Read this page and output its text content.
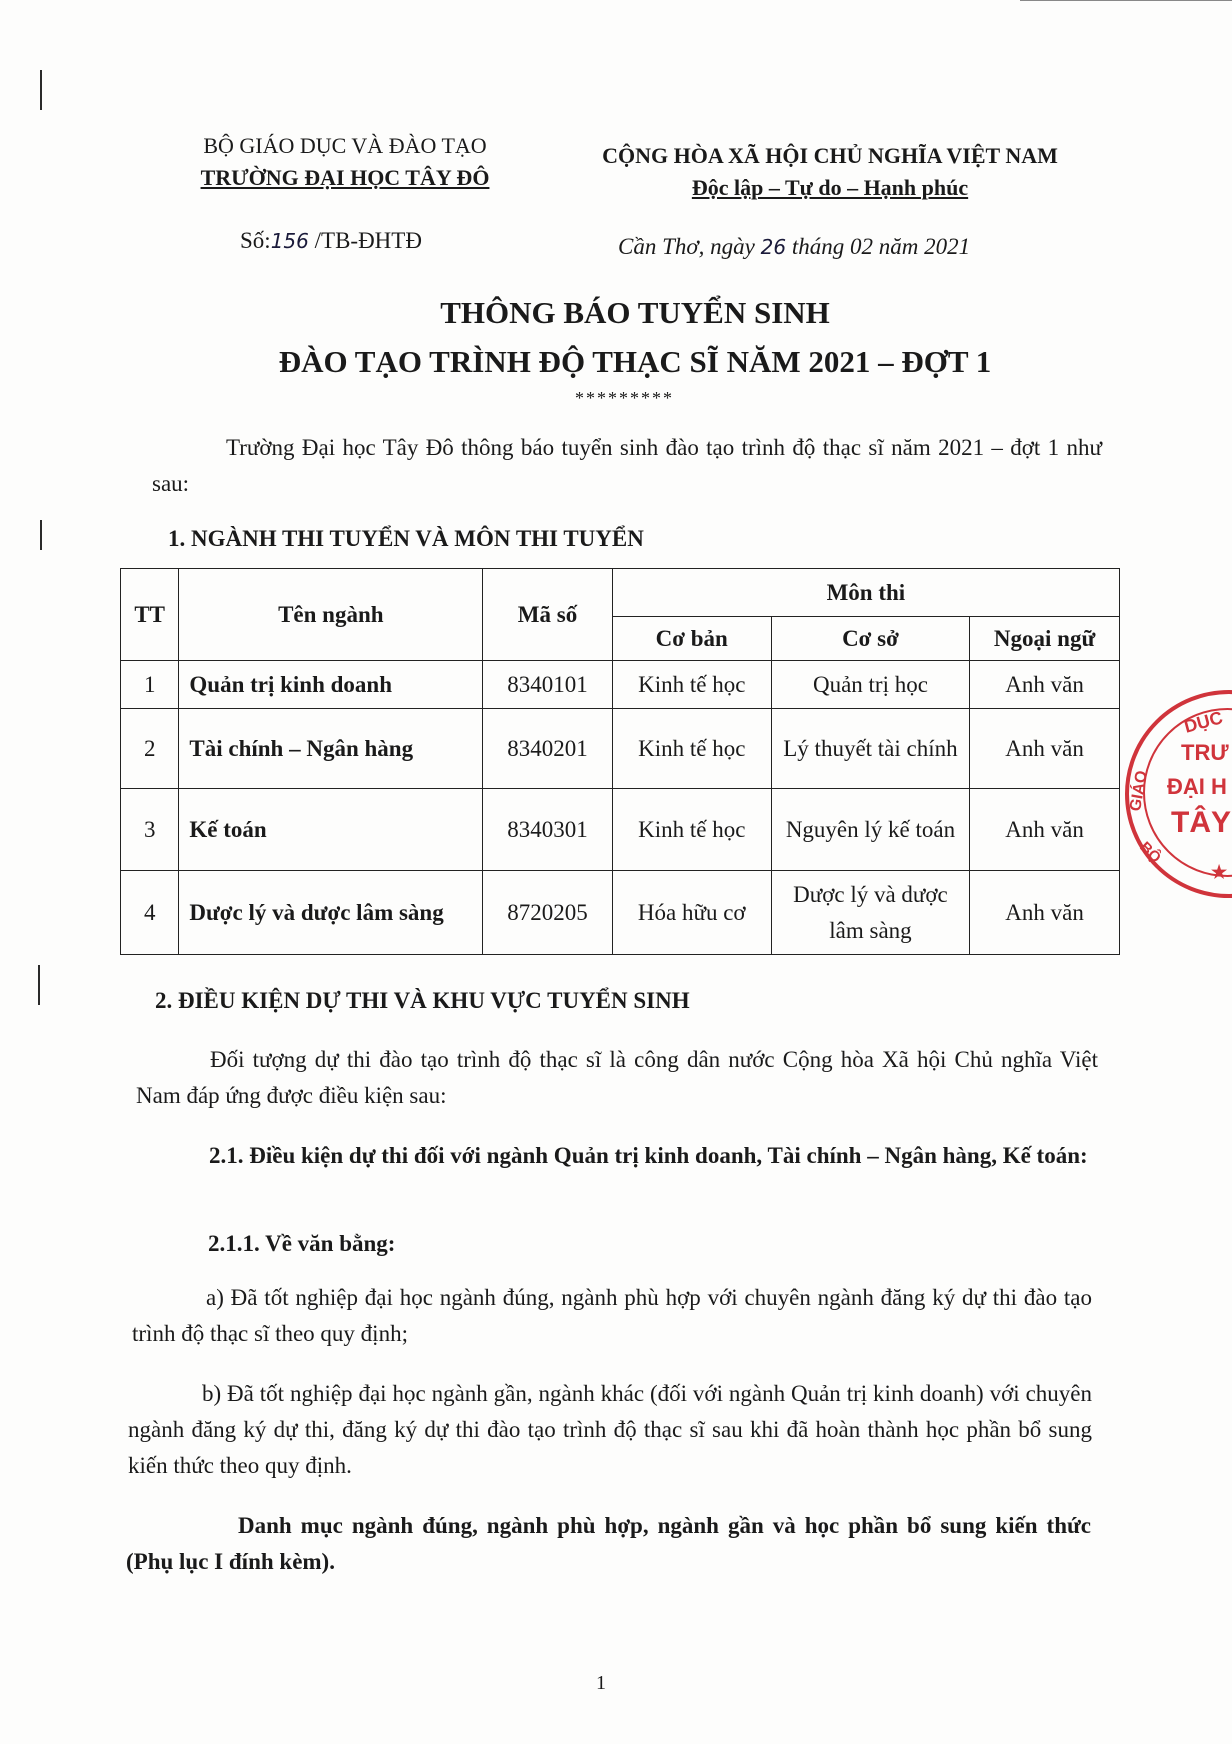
BỘ GIÁO DỤC VÀ ĐÀO TẠO
TRƯỜNG ĐẠI HỌC TÂY ĐÔ
CỘNG HÒA XÃ HỘI CHỦ NGHĨA VIỆT NAM
Độc lập – Tự do – Hạnh phúc
Số:156 /TB-ĐHTĐ	Cần Thơ, ngày 26 tháng 02 năm 2021
THÔNG BÁO TUYỂN SINH
ĐÀO TẠO TRÌNH ĐỘ THẠC SĨ NĂM 2021 – ĐỢT 1
*********
Trường Đại học Tây Đô thông báo tuyển sinh đào tạo trình độ thạc sĩ năm 2021 – đợt 1 như sau:
1. NGÀNH THI TUYỂN VÀ MÔN THI TUYỂN
TT	Tên ngành	Mã số	Môn thi		
			Cơ bản	Cơ sở	Ngoại ngữ
1	Quản trị kinh doanh	8340101	Kinh tế học	Quản trị học	Anh văn
2	Tài chính – Ngân hàng	8340201	Kinh tế học	Lý thuyết tài chính	Anh văn
3	Kế toán	8340301	Kinh tế học	Nguyên lý kế toán	Anh văn
4	Dược lý và dược lâm sàng	8720205	Hóa hữu cơ	Dược lý và dược lâm sàng	Anh văn
DỤC
GIÁO
TRƯ
ĐẠI H
TÂY
BỘ
★
2. ĐIỀU KIỆN DỰ THI VÀ KHU VỰC TUYỂN SINH
Đối tượng dự thi đào tạo trình độ thạc sĩ là công dân nước Cộng hòa Xã hội Chủ nghĩa Việt Nam đáp ứng được điều kiện sau:
2.1. Điều kiện dự thi đối với ngành Quản trị kinh doanh, Tài chính – Ngân hàng, Kế toán:
2.1.1. Về văn bằng:
a) Đã tốt nghiệp đại học ngành đúng, ngành phù hợp với chuyên ngành đăng ký dự thi đào tạo trình độ thạc sĩ theo quy định;
b) Đã tốt nghiệp đại học ngành gần, ngành khác (đối với ngành Quản trị kinh doanh) với chuyên ngành đăng ký dự thi, đăng ký dự thi đào tạo trình độ thạc sĩ sau khi đã hoàn thành học phần bổ sung kiến thức theo quy định.
Danh mục ngành đúng, ngành phù hợp, ngành gần và học phần bổ sung kiến thức (Phụ lục I đính kèm).
1
